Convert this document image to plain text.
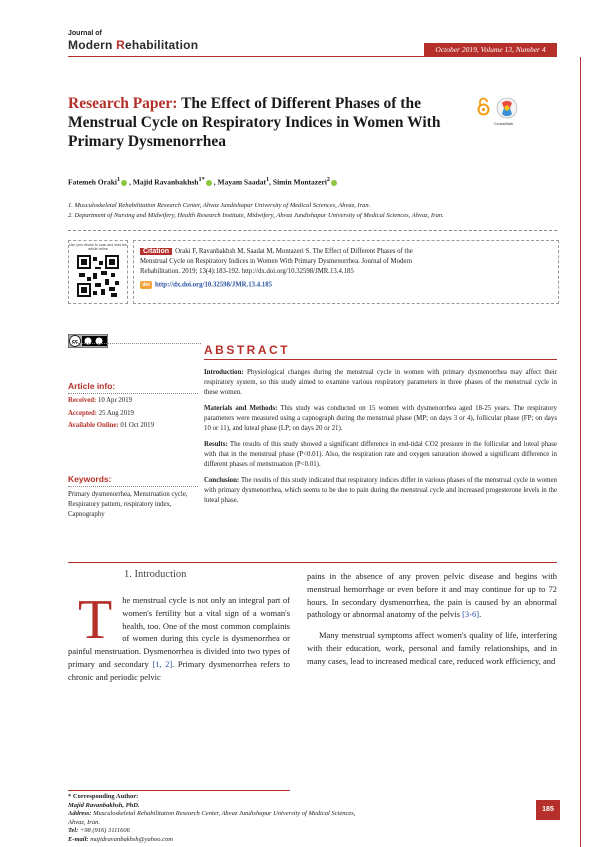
Journal of
Modern Rehabilitation	October 2019, Volume 13, Number 4
Research Paper: The Effect of Different Phases of the Menstrual Cycle on Respiratory Indices in Women With Primary Dysmenorrhea
CrossMark
Fatemeh Oraki$^1$ , Majid Ravanbakhsh$^{1*}$ , Mayam Saadat$^1$, Simin Montazeri$^2$
1. Musculoskeletal Rehabilitation Research Center, Ahvaz Jundishapur University of Medical Sciences, Ahvaz, Iran.
2. Department of Nursing and Midwifery, Health Research Institute, Midwifery, Ahvaz Jundishapur University of Medical Sciences, Ahvaz, Iran.
Use your device to scan and read the article online	Citation Oraki F, Ravanbakhsh M, Saadat M, Montazeri S. The Effect of Different Phases of the Menstrual Cycle on Respiratory Indices in Women With Primary Dysmenorrhea. Journal of Modern Rehabilitation. 2019; 13(4):183-192. http://dx.doi.org/10.32598/JMR.13.4.185
doi http://dx.doi.org/10.32598/JMR.13.4.185
cc
ABSTRACT

Introduction: Physiological changes during the menstrual cycle in women with primary dysmenorrhea may affect their respiratory system, so this study aimed to examine various respiratory parameters in three phases of the menstrual cycle in these women.

Materials and Methods: This study was conducted on 15 women with dysmenorrhea aged 18-25 years. The respiratory parameters were measured using a capnograph during the menstrual phase (MP; on days 3 or 4), follicular phase (FP; on days 10 or 11), and luteal phase (LP; on days 20 or 21).

Results: The results of this study showed a significant difference in end-tidal CO2 pressure in the follicular and luteal phase with that in the menstrual phase (P<0.01). Also, the respiration rate and oxygen saturation showed a significant difference in different phases of menstruation (P<0.01).

Conclusion: The results of this study indicated that respiratory indices differ in various phases of the menstrual cycle in women with primary dysmenorrhea, which seems to be due to pain during the menstrual cycle and increased progesterone levels in the luteal phase.

Article info:
Received: 10 Apr 2019
Accepted: 25 Aug 2019
Available Online: 01 Oct 2019
Keywords:
Primary dysmenorrhea, Menstruation cycle, Respiratory pattern, respiratory index, Capnography
1. Introduction
T he menstrual cycle is not only an integral part of women's fertility but a vital sign of a woman's health, too. One of the most common complaints of women during this cycle is dysmenorrhea or painful menstruation. Dysmenorrhea is divided into two types of primary and secondary [1, 2]. Primary dysmenorrhea refers to chronic and periodic pelvic

pains in the absence of any proven pelvic disease and begins with menstrual hemorrhage or even before it and may continue for up to 72 hours. In secondary dysmenorrhea, the pain is caused by an abnormal pathology or abnormal anatomy of the pelvis [3-6].

Many menstrual symptoms affect women's quality of life, interfering with their education, work, personal and family relationships, and in many cases, lead to increased medical care, reduced work efficiency, and

* Corresponding Author:
Majid Ravanbakhsh, PhD.
Address: Musculoskeletal Rehabilitation Research Center, Ahvaz Jundishapur University of Medical Sciences, Ahvaz, Iran.
Tel: +98 (916) 3111606
E-mail: majidravanbakhsh@yahoo.com
185
